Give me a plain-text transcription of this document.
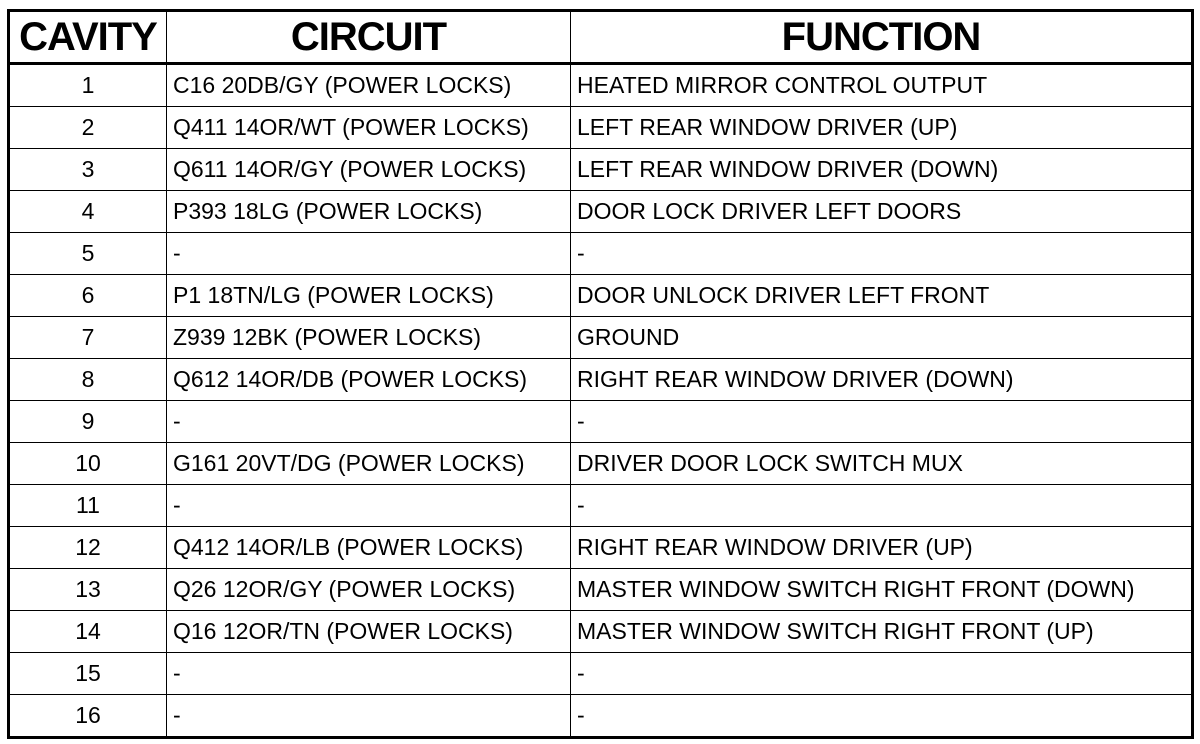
CAVITY	CIRCUIT	FUNCTION
1	C16 20DB/GY (POWER LOCKS)	HEATED MIRROR CONTROL OUTPUT
2	Q411 14OR/WT (POWER LOCKS)	LEFT REAR WINDOW DRIVER (UP)
3	Q611 14OR/GY (POWER LOCKS)	LEFT REAR WINDOW DRIVER (DOWN)
4	P393 18LG (POWER LOCKS)	DOOR LOCK DRIVER LEFT DOORS
5	-	-
6	P1 18TN/LG (POWER LOCKS)	DOOR UNLOCK DRIVER LEFT FRONT
7	Z939 12BK (POWER LOCKS)	GROUND
8	Q612 14OR/DB (POWER LOCKS)	RIGHT REAR WINDOW DRIVER (DOWN)
9	-	-
10	G161 20VT/DG (POWER LOCKS)	DRIVER DOOR LOCK SWITCH MUX
11	-	-
12	Q412 14OR/LB (POWER LOCKS)	RIGHT REAR WINDOW DRIVER (UP)
13	Q26 12OR/GY (POWER LOCKS)	MASTER WINDOW SWITCH RIGHT FRONT (DOWN)
14	Q16 12OR/TN (POWER LOCKS)	MASTER WINDOW SWITCH RIGHT FRONT (UP)
15	-	-
16	-	-
